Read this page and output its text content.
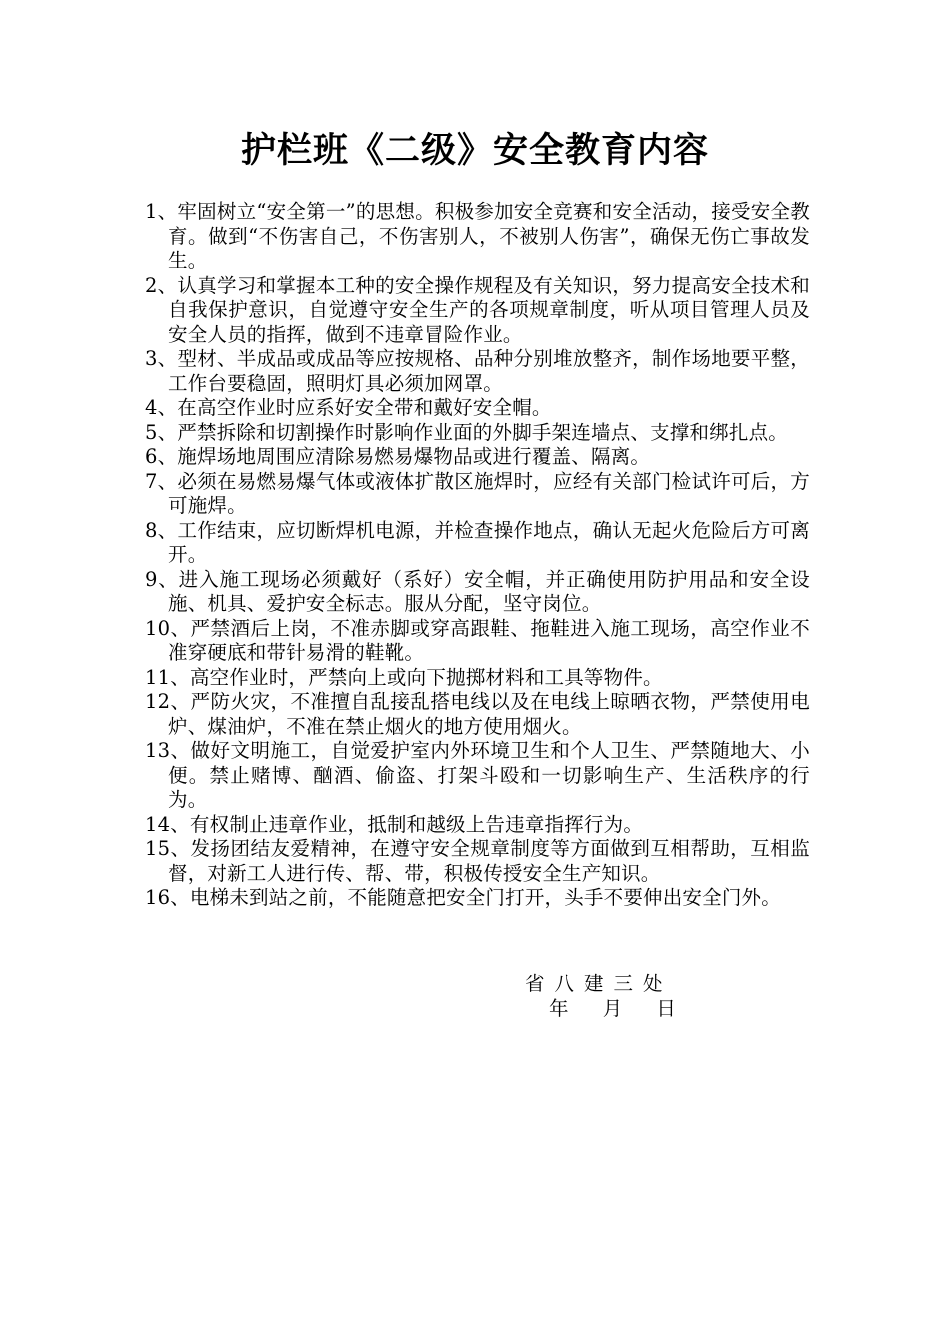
护栏班《二级》安全教育内容
1、牢固树立“安全第一”的思想。积极参加安全竞赛和安全活动，接受安全教育。做到“不伤害自己，不伤害别人，不被别人伤害”，确保无伤亡事故发生。
2、认真学习和掌握本工种的安全操作规程及有关知识，努力提高安全技术和自我保护意识，自觉遵守安全生产的各项规章制度，听从项目管理人员及安全人员的指挥，做到不违章冒险作业。
3、型材、半成品或成品等应按规格、品种分别堆放整齐，制作场地要平整，工作台要稳固，照明灯具必须加网罩。
4、在高空作业时应系好安全带和戴好安全帽。
5、严禁拆除和切割操作时影响作业面的外脚手架连墙点、支撑和绑扎点。
6、施焊场地周围应清除易燃易爆物品或进行覆盖、隔离。
7、必须在易燃易爆气体或液体扩散区施焊时，应经有关部门检试许可后，方可施焊。
8、工作结束，应切断焊机电源，并检查操作地点，确认无起火危险后方可离开。
9、进入施工现场必须戴好（系好）安全帽，并正确使用防护用品和安全设施、机具、爱护安全标志。服从分配，坚守岗位。
10、严禁酒后上岗，不准赤脚或穿高跟鞋、拖鞋进入施工现场，高空作业不准穿硬底和带针易滑的鞋靴。
11、高空作业时，严禁向上或向下抛掷材料和工具等物件。
12、严防火灾，不准擅自乱接乱搭电线以及在电线上晾晒衣物，严禁使用电炉、煤油炉，不准在禁止烟火的地方使用烟火。
13、做好文明施工，自觉爱护室内外环境卫生和个人卫生、严禁随地大、小便。禁止赌博、酗酒、偷盗、打架斗殴和一切影响生产、生活秩序的行为。
14、有权制止违章作业，抵制和越级上告违章指挥行为。
15、发扬团结友爱精神，在遵守安全规章制度等方面做到互相帮助，互相监督，对新工人进行传、帮、带，积极传授安全生产知识。
16、电梯未到站之前，不能随意把安全门打开，头手不要伸出安全门外。
省八建三处
年 月 日
